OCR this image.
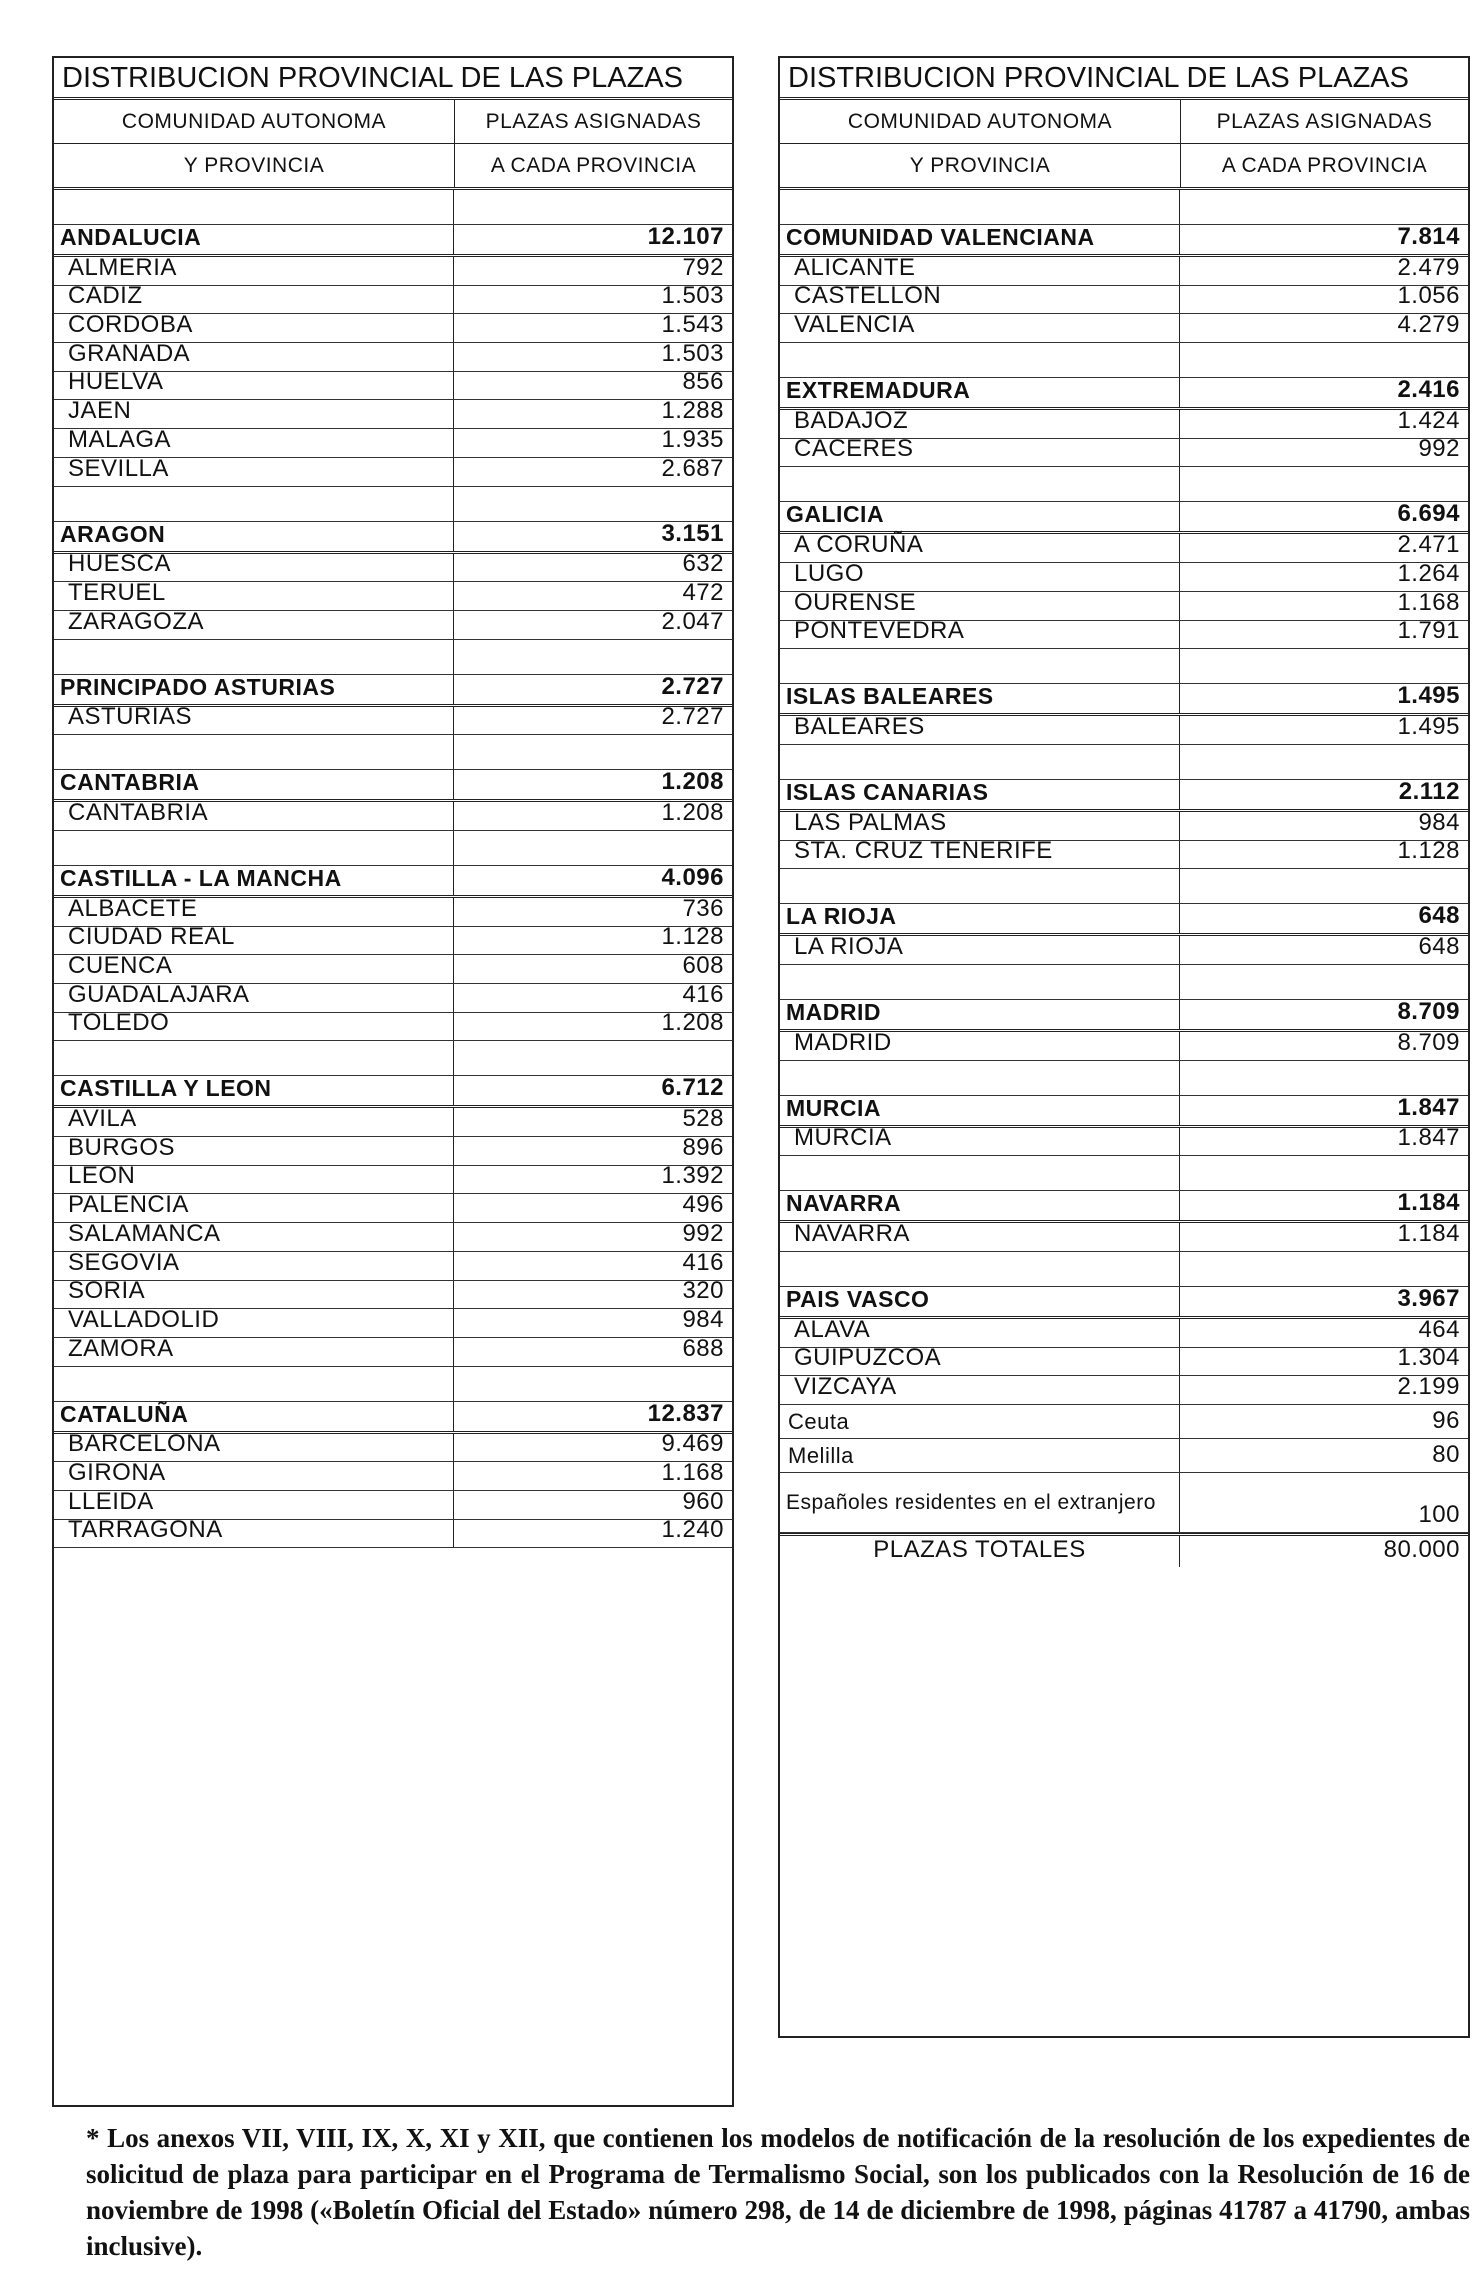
DISTRIBUCION PROVINCIAL DE LAS PLAZAS
COMUNIDAD AUTONOMA
Y PROVINCIA
PLAZAS ASIGNADAS
A CADA PROVINCIA
ANDALUCIA	12.107
ALMERIA	792
CADIZ	1.503
CORDOBA	1.543
GRANADA	1.503
HUELVA	856
JAEN	1.288
MALAGA	1.935
SEVILLA	2.687
ARAGON	3.151
HUESCA	632
TERUEL	472
ZARAGOZA	2.047
PRINCIPADO ASTURIAS	2.727
ASTURIAS	2.727
CANTABRIA	1.208
CANTABRIA	1.208
CASTILLA - LA MANCHA	4.096
ALBACETE	736
CIUDAD REAL	1.128
CUENCA	608
GUADALAJARA	416
TOLEDO	1.208
CASTILLA Y LEON	6.712
AVILA	528
BURGOS	896
LEON	1.392
PALENCIA	496
SALAMANCA	992
SEGOVIA	416
SORIA	320
VALLADOLID	984
ZAMORA	688
CATALUÑA	12.837
BARCELONA	9.469
GIRONA	1.168
LLEIDA	960
TARRAGONA	1.240
DISTRIBUCION PROVINCIAL DE LAS PLAZAS
COMUNIDAD AUTONOMA
Y PROVINCIA
PLAZAS ASIGNADAS
A CADA PROVINCIA
COMUNIDAD VALENCIANA	7.814
ALICANTE	2.479
CASTELLON	1.056
VALENCIA	4.279
EXTREMADURA	2.416
BADAJOZ	1.424
CACERES	992
GALICIA	6.694
A CORUÑA	2.471
LUGO	1.264
OURENSE	1.168
PONTEVEDRA	1.791
ISLAS BALEARES	1.495
BALEARES	1.495
ISLAS CANARIAS	2.112
LAS PALMAS	984
STA. CRUZ TENERIFE	1.128
LA RIOJA	648
LA RIOJA	648
MADRID	8.709
MADRID	8.709
MURCIA	1.847
MURCIA	1.847
NAVARRA	1.184
NAVARRA	1.184
PAIS VASCO	3.967
ALAVA	464
GUIPUZCOA	1.304
VIZCAYA	2.199
Ceuta	96
Melilla	80
Españoles residentes en el extranjero	100
PLAZAS TOTALES	80.000
* Los anexos VII, VIII, IX, X, XI y XII, que contienen los modelos de notificación de la resolución de los expedientes de solicitud de plaza para participar en el Programa de Termalismo Social, son los publicados con la Resolución de 16 de noviembre de 1998 («Boletín Oficial del Estado» número 298, de 14 de diciembre de 1998, páginas 41787 a 41790, ambas inclusive).
